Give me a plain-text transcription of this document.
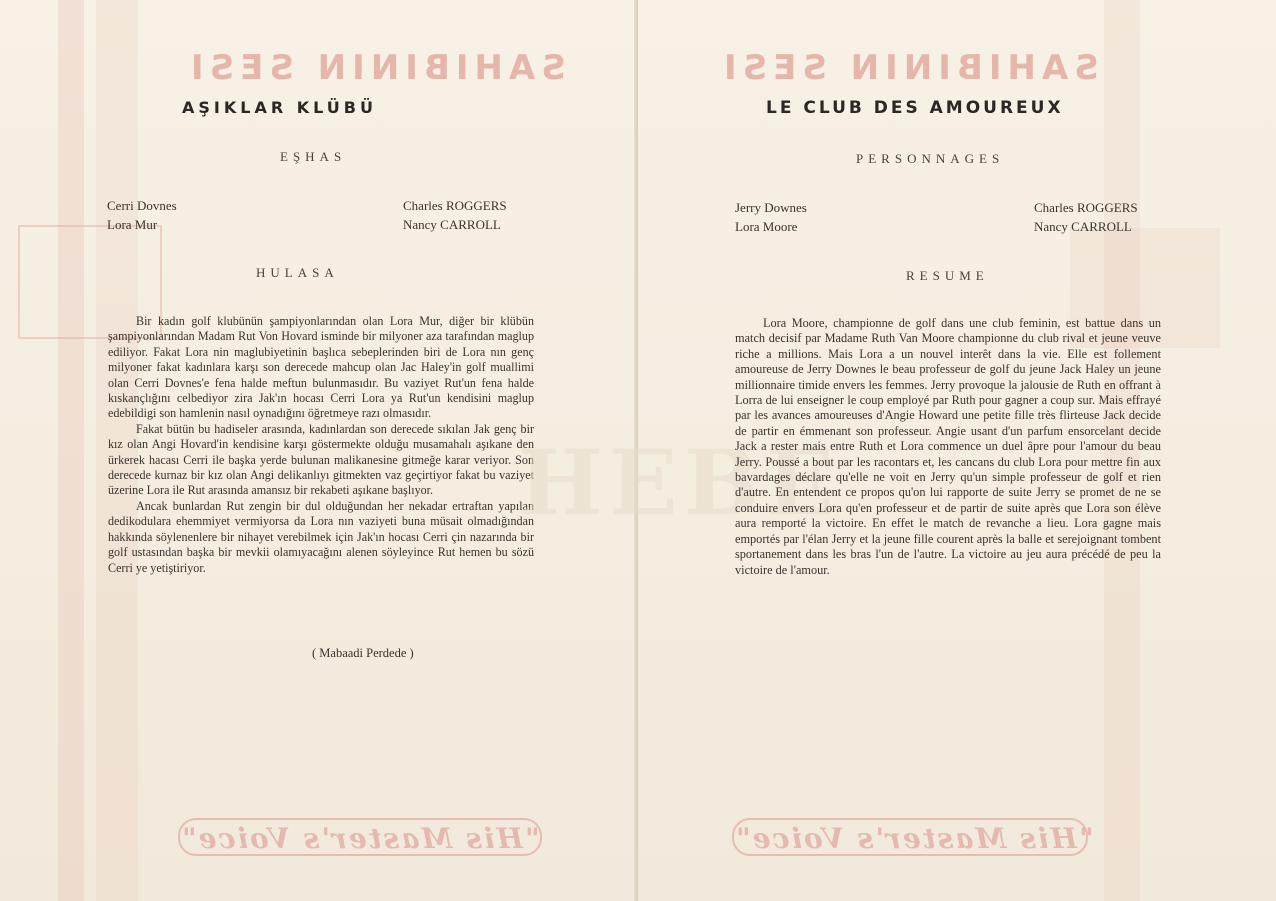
SAHIBININ SESI
AŞIKLAR KLÜBÜ
EŞHAS
Cerri Dovnes
Lora Mur
Charles ROGGERS
Nancy CARROLL
HULASA

Bir kadın golf klubünün şampiyonlarından olan Lora Mur, diğer bir klübün şampiyonlarından Madam Rut Von Hovard isminde bir milyoner aza tarafından maglup ediliyor. Fakat Lora nin maglubiyetinin başlıca sebeplerinden biri de Lora nın genç milyoner fakat kadınlara karşı son derecede mahcup olan Jac Haley'in golf muallimi olan Cerri Dovnes'e fena halde meftun bulunmasıdır. Bu vaziyet Rut'un fena halde kıskançlığını celbediyor zira Jak'ın hocası Cerri Lora ya Rut'un kendisini maglup edebildigi son hamlenin nasıl oynadığını öğretmeye razı olmasıdır.

Fakat bütün bu hadiseler arasında, kadınlardan son derecede sıkılan Jak genç bir kız olan Angi Hovard'in kendisine karşı göstermekte olduğu musamahalı aşıkane den ürkerek hacası Cerri ile başka yerde bulunan malikanesine gitmeğe karar veriyor. Son derecede kurnaz bir kız olan Angi delikanlıyı gitmekten vaz geçirtiyor fakat bu vaziyet üzerine Lora ile Rut arasında amansız bir rekabeti aşıkane başlıyor.

Ancak bunlardan Rut zengin bir dul olduğundan her nekadar ertraftan yapılan dedikodulara ehemmiyet vermiyorsa da Lora nın vaziyeti buna müsait olmadığından hakkında söylenenlere bir nihayet verebilmek için Jak'ın hocası Cerri çin nazarında bir golf ustasından başka bir mevkii olamıyacağını alenen söyleyince Rut hemen bu sözü Cerri ye yetiştiriyor.

( Mabaadi Perdede )
"His Master's Voice"
HEBE
SAHIBININ SESI
LE CLUB DES AMOUREUX
PERSONNAGES
Jerry Downes
Lora Moore
Charles ROGGERS
Nancy CARROLL
RESUME

Lora Moore, championne de golf dans une club feminin, est battue dans un match decisif par Madame Ruth Van Moore championne du club rival et jeune veuve riche a millions. Mais Lora a un nouvel interêt dans la vie. Elle est follement amoureuse de Jerry Downes le beau professeur de golf du jeune Jack Haley un jeune millionnaire timide envers les femmes. Jerry provoque la jalousie de Ruth en offrant à Lorra de lui enseigner le coup employé par Ruth pour gagner a coup sur. Mais effrayé par les avances amoureuses d'Angie Howard une petite fille très flirteuse Jack decide de partir en émmenant son professeur. Angie usant d'un parfum ensorcelant decide Jack a rester mais entre Ruth et Lora commence un duel âpre pour l'amour du beau Jerry. Poussé a bout par les racontars et, les cancans du club Lora pour mettre fin aux bavardages déclare qu'elle ne voit en Jerry qu'un simple professeur de golf et rien d'autre. En entendent ce propos qu'on lui rapporte de suite Jerry se promet de ne se conduire envers Lora qu'en professeur et de partir de suite après que Lora son élève aura remporté la victoire. En effet le match de revanche a lieu. Lora gagne mais emportés par l'élan Jerry et la jeune fille courent après la balle et serejoignant tombent sportanement dans les bras l'un de l'autre. La victoire au jeu aura précédé de peu la victoire de l'amour.

"His Master's Voice"
